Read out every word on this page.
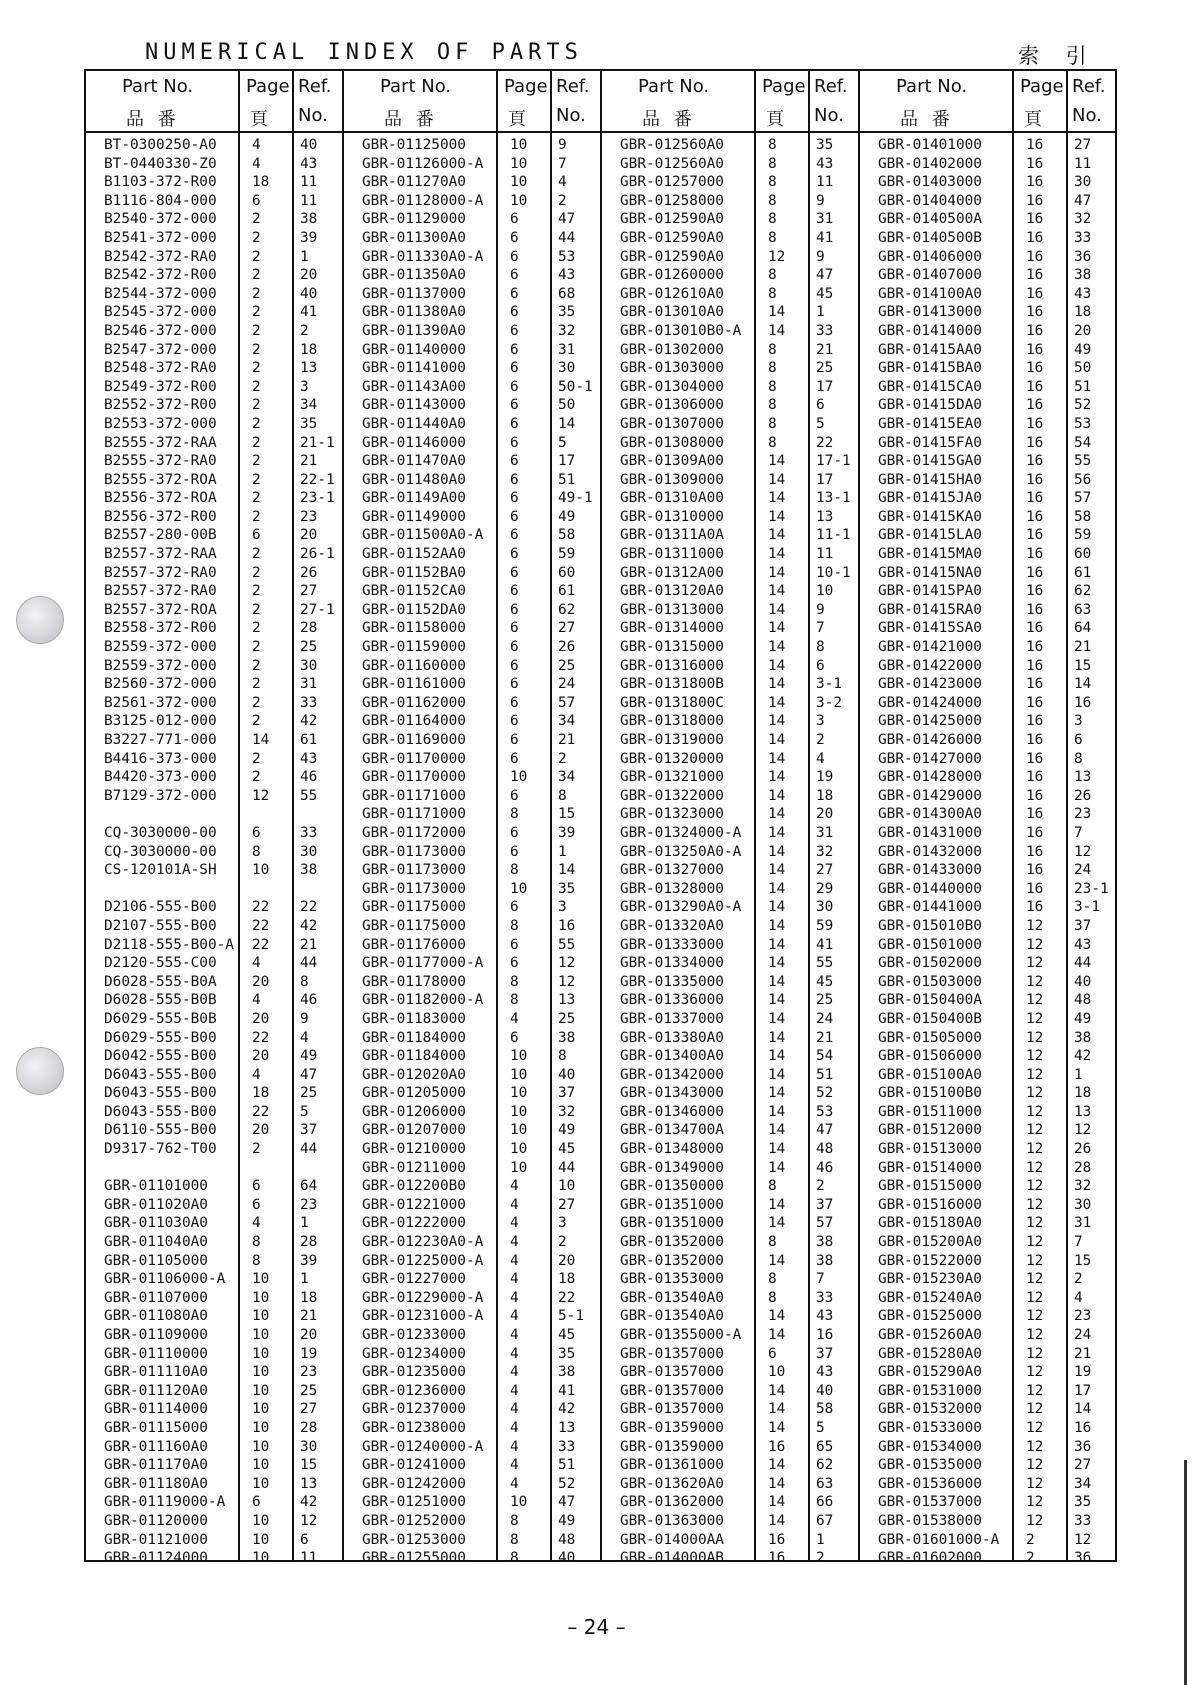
NUMERICAL INDEX OF PARTS	索 引
Part No.	Page Ref.
品 番	頁 No.
BT-0300250-A0	4	40
BT-0440330-Z0	4	43
B1103-372-R00	18	11
B1116-804-000	6	11
B2540-372-000	2	38
B2541-372-000	2	39
B2542-372-RA0	2	1
B2542-372-R00	2	20
B2544-372-000	2	40
B2545-372-000	2	41
B2546-372-000	2	2
B2547-372-000	2	18
B2548-372-RA0	2	13
B2549-372-R00	2	3
B2552-372-R00	2	34
B2553-372-000	2	35
B2555-372-RAA	2	21-1
B2555-372-RA0	2	21
B2555-372-ROA	2	22-1
B2556-372-ROA	2	23-1
B2556-372-R00	2	23
B2557-280-00B	6	20
B2557-372-RAA	2	26-1
B2557-372-RA0	2	26
B2557-372-RA0	2	27
B2557-372-ROA	2	27-1
B2558-372-R00	2	28
B2559-372-000	2	25
B2559-372-000	2	30
B2560-372-000	2	31
B2561-372-000	2	33
B3125-012-000	2	42
B3227-771-000	14	61
B4416-373-000	2	43
B4420-373-000	2	46
B7129-372-000	12	55
CQ-3030000-00	6	33
CQ-3030000-00	8	30
CS-120101A-SH	10	38
D2106-555-B00	22	22
D2107-555-B00	22	42
D2118-555-B00-A	22	21
D2120-555-C00	4	44
D6028-555-B0A	20	8
D6028-555-B0B	4	46
D6029-555-B0B	20	9
D6029-555-B00	22	4
D6042-555-B00	20	49
D6043-555-B00	4	47
D6043-555-B00	18	25
D6043-555-B00	22	5
D6110-555-B00	20	37
D9317-762-T00	2	44
GBR-01101000	6	64
GBR-011020A0	6	23
GBR-011030A0	4	1
GBR-011040A0	8	28
GBR-01105000	8	39
GBR-01106000-A	10	1
GBR-01107000	10	18
GBR-011080A0	10	21
GBR-01109000	10	20
GBR-01110000	10	19
GBR-011110A0	10	23
GBR-011120A0	10	25
GBR-01114000	10	27
GBR-01115000	10	28
GBR-011160A0	10	30
GBR-011170A0	10	15
GBR-011180A0	10	13
GBR-01119000-A	6	42
GBR-01120000	10	12
GBR-01121000	10	6
GBR-01124000	10	11
Part No.	Page Ref.
品 番	頁 No.
GBR-01125000	10	9
GBR-01126000-A	10	7
GBR-011270A0	10	4
GBR-01128000-A	10	2
GBR-01129000	6	47
GBR-011300A0	6	44
GBR-011330A0-A	6	53
GBR-011350A0	6	43
GBR-01137000	6	68
GBR-011380A0	6	35
GBR-011390A0	6	32
GBR-01140000	6	31
GBR-01141000	6	30
GBR-01143A00	6	50-1
GBR-01143000	6	50
GBR-011440A0	6	14
GBR-01146000	6	5
GBR-011470A0	6	17
GBR-011480A0	6	51
GBR-01149A00	6	49-1
GBR-01149000	6	49
GBR-011500A0-A	6	58
GBR-01152AA0	6	59
GBR-01152BA0	6	60
GBR-01152CA0	6	61
GBR-01152DA0	6	62
GBR-01158000	6	27
GBR-01159000	6	26
GBR-01160000	6	25
GBR-01161000	6	24
GBR-01162000	6	57
GBR-01164000	6	34
GBR-01169000	6	21
GBR-01170000	6	2
GBR-01170000	10	34
GBR-01171000	6	8
GBR-01171000	8	15
GBR-01172000	6	39
GBR-01173000	6	1
GBR-01173000	8	14
GBR-01173000	10	35
GBR-01175000	6	3
GBR-01175000	8	16
GBR-01176000	6	55
GBR-01177000-A	6	12
GBR-01178000	8	12
GBR-01182000-A	8	13
GBR-01183000	4	25
GBR-01184000	6	38
GBR-01184000	10	8
GBR-012020A0	10	40
GBR-01205000	10	37
GBR-01206000	10	32
GBR-01207000	10	49
GBR-01210000	10	45
GBR-01211000	10	44
GBR-012200B0	4	10
GBR-01221000	4	27
GBR-01222000	4	3
GBR-012230A0-A	4	2
GBR-01225000-A	4	20
GBR-01227000	4	18
GBR-01229000-A	4	22
GBR-01231000-A	4	5-1
GBR-01233000	4	45
GBR-01234000	4	35
GBR-01235000	4	38
GBR-01236000	4	41
GBR-01237000	4	42
GBR-01238000	4	13
GBR-01240000-A	4	33
GBR-01241000	4	51
GBR-01242000	4	52
GBR-01251000	10	47
GBR-01252000	8	49
GBR-01253000	8	48
GBR-01255000	8	40
Part No.	Page Ref.
品 番	頁 No.
GBR-012560A0	8	35
GBR-012560A0	8	43
GBR-01257000	8	11
GBR-01258000	8	9
GBR-012590A0	8	31
GBR-012590A0	8	41
GBR-012590A0	12	9
GBR-01260000	8	47
GBR-012610A0	8	45
GBR-013010A0	14	1
GBR-013010B0-A	14	33
GBR-01302000	8	21
GBR-01303000	8	25
GBR-01304000	8	17
GBR-01306000	8	6
GBR-01307000	8	5
GBR-01308000	8	22
GBR-01309A00	14	17-1
GBR-01309000	14	17
GBR-01310A00	14	13-1
GBR-01310000	14	13
GBR-01311A0A	14	11-1
GBR-01311000	14	11
GBR-01312A00	14	10-1
GBR-013120A0	14	10
GBR-01313000	14	9
GBR-01314000	14	7
GBR-01315000	14	8
GBR-01316000	14	6
GBR-0131800B	14	3-1
GBR-0131800C	14	3-2
GBR-01318000	14	3
GBR-01319000	14	2
GBR-01320000	14	4
GBR-01321000	14	19
GBR-01322000	14	18
GBR-01323000	14	20
GBR-01324000-A	14	31
GBR-013250A0-A	14	32
GBR-01327000	14	27
GBR-01328000	14	29
GBR-013290A0-A	14	30
GBR-013320A0	14	59
GBR-01333000	14	41
GBR-01334000	14	55
GBR-01335000	14	45
GBR-01336000	14	25
GBR-01337000	14	24
GBR-013380A0	14	21
GBR-013400A0	14	54
GBR-01342000	14	51
GBR-01343000	14	52
GBR-01346000	14	53
GBR-0134700A	14	47
GBR-01348000	14	48
GBR-01349000	14	46
GBR-01350000	8	2
GBR-01351000	14	37
GBR-01351000	14	57
GBR-01352000	8	38
GBR-01352000	14	38
GBR-01353000	8	7
GBR-013540A0	8	33
GBR-013540A0	14	43
GBR-01355000-A	14	16
GBR-01357000	6	37
GBR-01357000	10	43
GBR-01357000	14	40
GBR-01357000	14	58
GBR-01359000	14	5
GBR-01359000	16	65
GBR-01361000	14	62
GBR-013620A0	14	63
GBR-01362000	14	66
GBR-01363000	14	67
GBR-014000AA	16	1
GBR-014000AB	16	2
Part No.	Page Ref.
品 番	頁 No.
GBR-01401000	16	27
GBR-01402000	16	11
GBR-01403000	16	30
GBR-01404000	16	47
GBR-0140500A	16	32
GBR-0140500B	16	33
GBR-01406000	16	36
GBR-01407000	16	38
GBR-014100A0	16	43
GBR-01413000	16	18
GBR-01414000	16	20
GBR-01415AA0	16	49
GBR-01415BA0	16	50
GBR-01415CA0	16	51
GBR-01415DA0	16	52
GBR-01415EA0	16	53
GBR-01415FA0	16	54
GBR-01415GA0	16	55
GBR-01415HA0	16	56
GBR-01415JA0	16	57
GBR-01415KA0	16	58
GBR-01415LA0	16	59
GBR-01415MA0	16	60
GBR-01415NA0	16	61
GBR-01415PA0	16	62
GBR-01415RA0	16	63
GBR-01415SA0	16	64
GBR-01421000	16	21
GBR-01422000	16	15
GBR-01423000	16	14
GBR-01424000	16	16
GBR-01425000	16	3
GBR-01426000	16	6
GBR-01427000	16	8
GBR-01428000	16	13
GBR-01429000	16	26
GBR-014300A0	16	23
GBR-01431000	16	7
GBR-01432000	16	12
GBR-01433000	16	24
GBR-01440000	16	23-1
GBR-01441000	16	3-1
GBR-015010B0	12	37
GBR-01501000	12	43
GBR-01502000	12	44
GBR-01503000	12	40
GBR-0150400A	12	48
GBR-0150400B	12	49
GBR-01505000	12	38
GBR-01506000	12	42
GBR-015100A0	12	1
GBR-015100B0	12	18
GBR-01511000	12	13
GBR-01512000	12	12
GBR-01513000	12	26
GBR-01514000	12	28
GBR-01515000	12	32
GBR-01516000	12	30
GBR-015180A0	12	31
GBR-015200A0	12	7
GBR-01522000	12	15
GBR-015230A0	12	2
GBR-015240A0	12	4
GBR-01525000	12	23
GBR-015260A0	12	24
GBR-015280A0	12	21
GBR-015290A0	12	19
GBR-01531000	12	17
GBR-01532000	12	14
GBR-01533000	12	16
GBR-01534000	12	36
GBR-01535000	12	27
GBR-01536000	12	34
GBR-01537000	12	35
GBR-01538000	12	33
GBR-01601000-A	2	12
GBR-01602000	2	36
– 24 –
